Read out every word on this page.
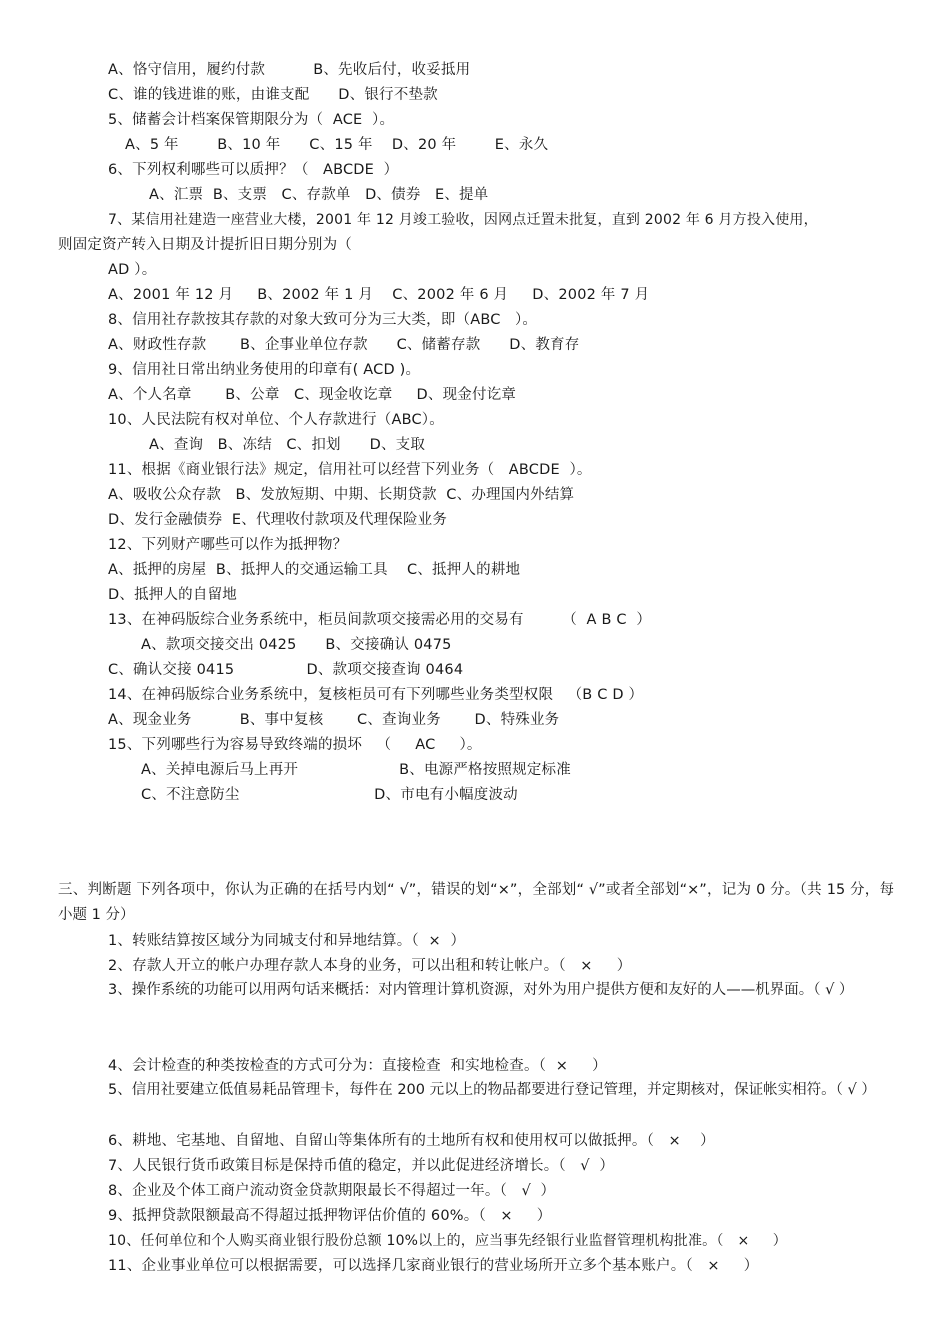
A、恪守信用，履约付款          B、先收后付，收妥抵用
C、谁的钱进谁的账，由谁支配      D、银行不垫款
5、储蓄会计档案保管期限分为（  ACE  ）。
A、5 年        B、10 年      C、15 年    D、20 年        E、永久
6、下列权利哪些可以质押？（   ABCDE  ）
A、汇票  B、支票   C、存款单   D、债券   E、提单
7、某信用社建造一座营业大楼，2001 年 12 月竣工验收，因网点迁置未批复，直到 2002 年 6 月方投入使用，
则固定资产转入日期及计提折旧日期分别为（
AD ）。
A、2001 年 12 月     B、2002 年 1 月    C、2002 年 6 月     D、2002 年 7 月
8、信用社存款按其存款的对象大致可分为三大类，即（ABC   ）。
A、财政性存款       B、企事业单位存款      C、储蓄存款      D、教育存
9、信用社日常出纳业务使用的印章有( ACD )。
A、个人名章       B、公章   C、现金收讫章     D、现金付讫章
10、人民法院有权对单位、个人存款进行（ABC）。
A、查询   B、冻结   C、扣划      D、支取
11、根据《商业银行法》规定，信用社可以经营下列业务（   ABCDE  ）。
A、吸收公众存款   B、发放短期、中期、长期贷款  C、办理国内外结算
D、发行金融债券  E、代理收付款项及代理保险业务
12、下列财产哪些可以作为抵押物？
A、抵押的房屋  B、抵押人的交通运输工具    C、抵押人的耕地
D、抵押人的自留地
13、在神码版综合业务系统中，柜员间款项交接需必用的交易有        （  A B C  ）
A、款项交接交出 0425      B、交接确认 0475
C、确认交接 0415               D、款项交接查询 0464
14、在神码版综合业务系统中，复核柜员可有下列哪些业务类型权限   （B C D ）
A、现金业务          B、事中复核       C、查询业务       D、特殊业务
15、下列哪些行为容易导致终端的损坏   （     AC     ）。
A、关掉电源后马上再开                     B、电源严格按照规定标准
C、不注意防尘                            D、市电有小幅度波动
三、判断题 下列各项中，你认为正确的在括号内划“ √”，错误的划“×”，全部划“ √”或者全部划“×”，记为 0 分。（共 15 分，每小题 1 分）
1、转账结算按区域分为同城支付和异地结算。（  ×  ）
2、存款人开立的帐户办理存款人本身的业务，可以出租和转让帐户。（   ×     ）
3、操作系统的功能可以用两句话来概括：对内管理计算机资源，对外为用户提供方便和友好的人——机界面。（ √ ）
4、会计检查的种类按检查的方式可分为：直接检查  和实地检查。（  ×     ）
5、信用社要建立低值易耗品管理卡，每件在 200 元以上的物品都要进行登记管理，并定期核对，保证帐实相符。（ √ ）
6、耕地、宅基地、自留地、自留山等集体所有的土地所有权和使用权可以做抵押。（   ×    ）
7、人民银行货币政策目标是保持币值的稳定，并以此促进经济增长。（   √  ）
8、企业及个体工商户流动资金贷款期限最长不得超过一年。（   √  ）
9、抵押贷款限额最高不得超过抵押物评估价值的 60%。（   ×     ）
10、任何单位和个人购买商业银行股份总额 10%以上的，应当事先经银行业监督管理机构批准。（   ×     ）
11、企业事业单位可以根据需要，可以选择几家商业银行的营业场所开立多个基本账户。（   ×     ）
